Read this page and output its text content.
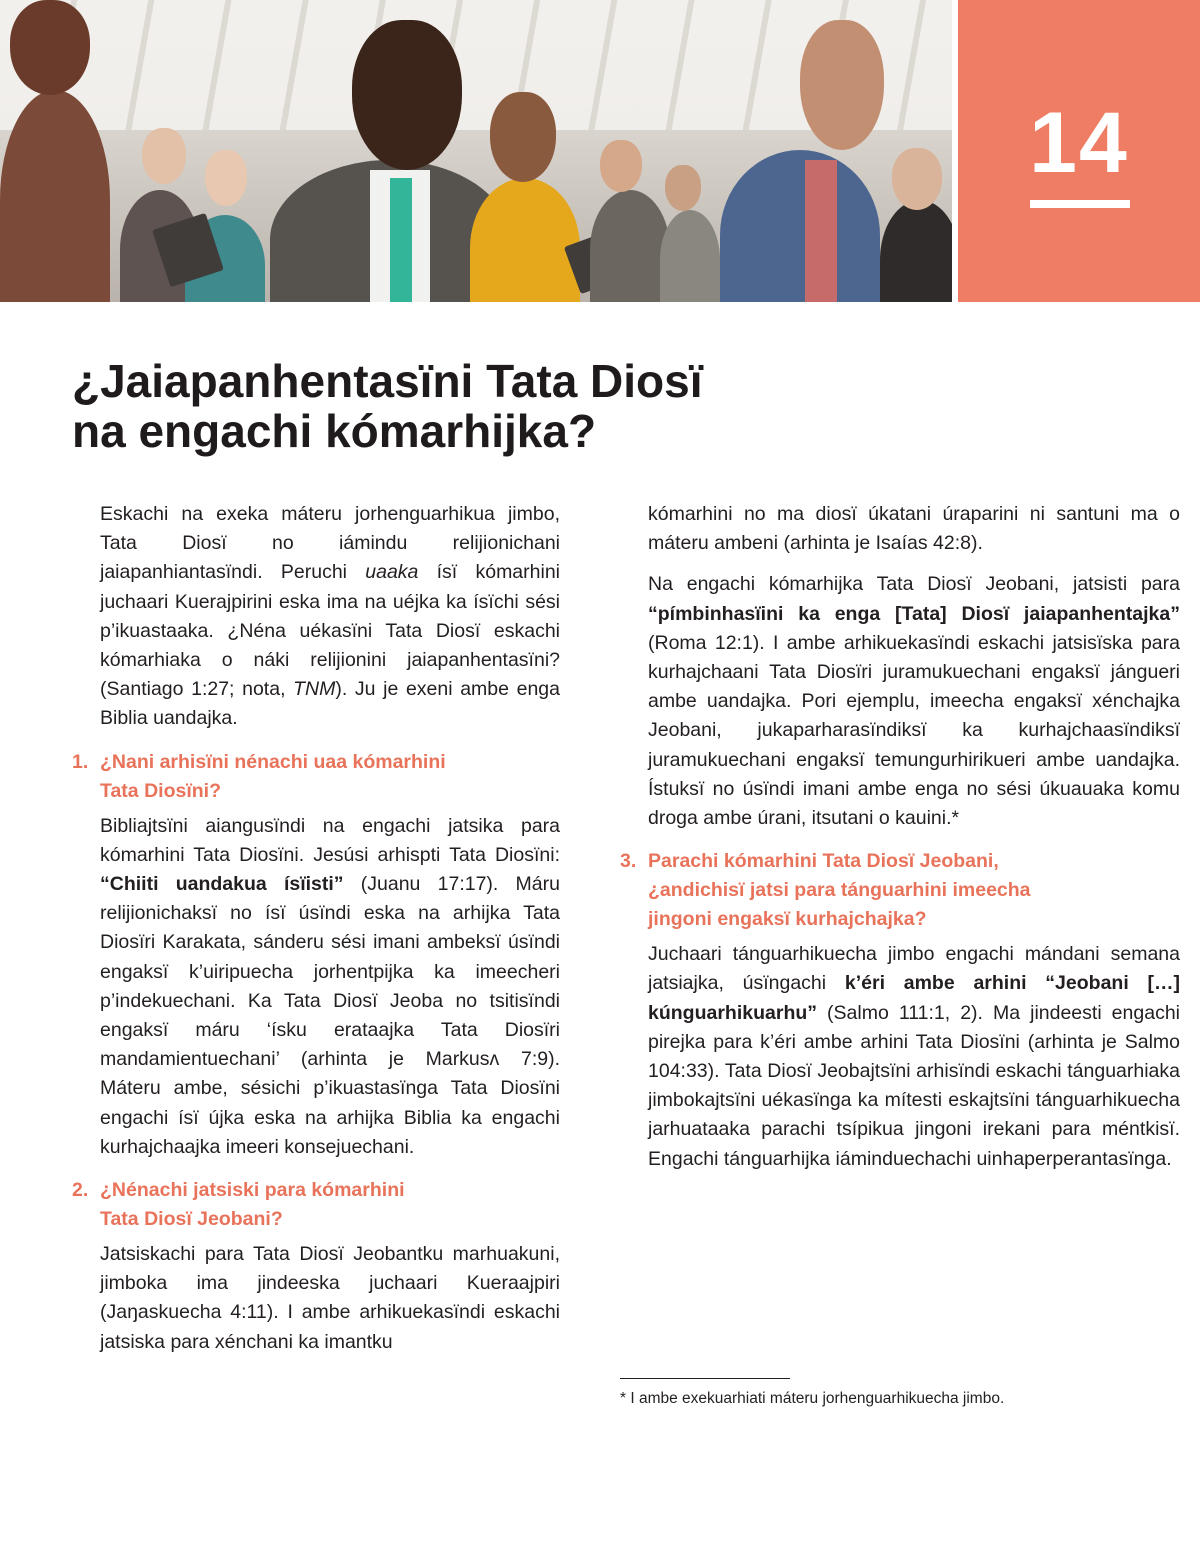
14
¿Jaiapanhentasïni Tata Diosï
na engachi kómarhijka?

Eskachi na exeka máteru jorhenguarhikua jimbo, Tata Diosï no iámindu relijionichani jaiapanhiantasïndi. Peruchi uaaka ísï kómarhini juchaari Kuerajpirini eska ima na uéjka ka ísïchi sési p’ikuastaaka. ¿Néna uékasïni Tata Diosï eskachi kómarhiaka o náki relijionini jaiapanhentasïni? (Santiago 1:27; nota, TNM). Ju je exeni ambe enga Biblia uandajka.

1. ¿Nani arhisïni nénachi uaa kómarhini
Tata Diosïni?

Bibliajtsïni aiangusïndi na engachi jatsika para kómarhini Tata Diosïni. Jesúsi arhispti Tata Diosïni: “Chiiti uandakua ísïisti” (Juanu 17:17). Máru relijionichaksï no ísï úsïndi eska na arhijka Tata Diosïri Karakata, sánderu sési imani ambeksï úsïndi engaksï k’uiripuecha jorhentpijka ka imeecheri p’indekuechani. Ka Tata Diosï Jeoba no tsitisïndi engaksï máru ‘ísku erataajka Tata Diosïri mandamientuechani’ (arhinta je Markusʌ 7:9). Máteru ambe, sésichi p’ikuastasïnga Tata Diosïni engachi ísï újka eska na arhijka Biblia ka engachi kurhajchaajka imeeri konsejuechani.

2. ¿Nénachi jatsiski para kómarhini
Tata Diosï Jeobani?

Jatsiskachi para Tata Diosï Jeobantku marhuakuni, jimboka ima jindeeska juchaari Kueraajpiri (Jaŋaskuecha 4:11). I ambe arhikuekasïndi eskachi jatsiska para xénchani ka imantku

kómarhini no ma diosï úkatani úraparini ni santuni ma o máteru ambeni (arhinta je Isaías 42:8).

Na engachi kómarhijka Tata Diosï Jeobani, jatsisti para “pímbinhasïini ka enga [Tata] Diosï jaiapanhentajka” (Roma 12:1). I ambe arhikuekasïndi eskachi jatsisïska para kurhajchaani Tata Diosïri juramukuechani engaksï jángueri ambe uandajka. Pori ejemplu, imeecha engaksï xénchajka Jeobani, jukaparharasïndiksï ka kurhajchaasïndiksï juramukuechani engaksï temungurhirikueri ambe uandajka. Ístuksï no úsïndi imani ambe enga no sési úkuauaka komu droga ambe úrani, itsutani o kauini.*

3. Parachi kómarhini Tata Diosï Jeobani,
¿andichisï jatsi para tánguarhini imeecha
jingoni engaksï kurhajchajka?

Juchaari tánguarhikuecha jimbo engachi mándani semana jatsiajka, úsïngachi k’éri ambe arhini “Jeobani […] kúnguarhikuarhu” (Salmo 111:1, 2). Ma jindeesti engachi pirejka para k’éri ambe arhini Tata Diosïni (arhinta je Salmo 104:33). Tata Diosï Jeobajtsïni arhisïndi eskachi tánguarhiaka jimbokajtsïni uékasïnga ka mítesti eskajtsïni tánguarhikuecha jarhuataaka parachi tsípikua jingoni irekani para méntkisï. Engachi tánguarhijka iáminduechachi uinhaperperantasïnga.

* I ambe exekuarhiati máteru jorhenguarhikuecha jimbo.
